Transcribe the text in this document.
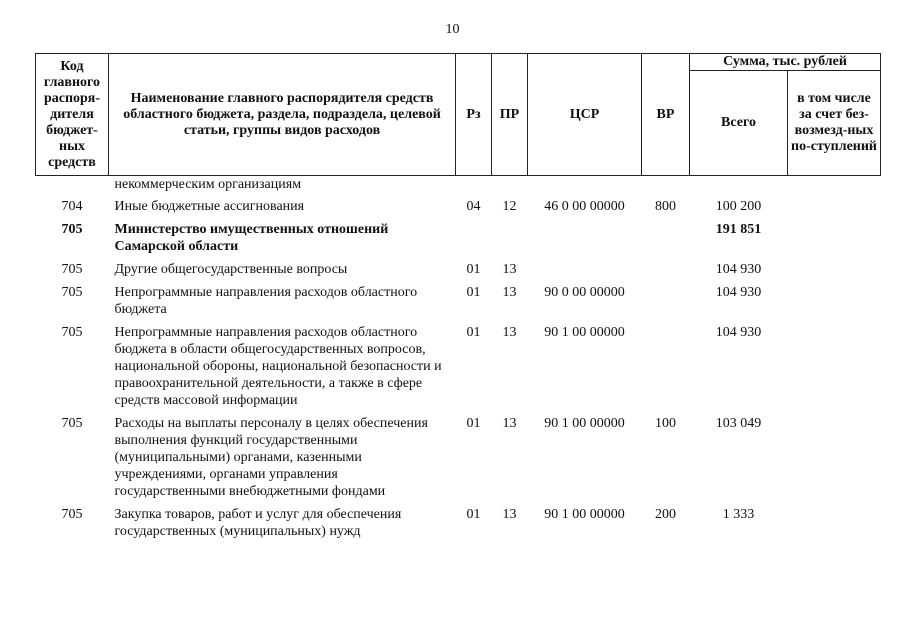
10
Код главного распоря-дителя бюджет-ных средств	Наименование главного распорядителя средств областного бюджета, раздела, подраздела, целевой статьи, группы видов расходов	Рз	ПР	ЦСР	ВР	Сумма, тыс. рублей	
						Всего	в том числе за счет без-возмезд-ных по-ступлений
	некоммерческим организациям						
704	Иные бюджетные ассигнования	04	12	46 0 00 00000	800	100 200	
705	Министерство имущественных отношений Самарской области					191 851	
705	Другие общегосударственные вопросы	01	13			104 930	
705	Непрограммные направления расходов областного бюджета	01	13	90 0 00 00000		104 930	
705	Непрограммные направления расходов областного бюджета в области общегосударственных вопросов, национальной обороны, национальной безопасности и правоохранительной деятельности, а также в сфере средств массовой информации	01	13	90 1 00 00000		104 930	
705	Расходы на выплаты персоналу в целях обеспечения выполнения функций государственными (муниципальными) органами, казенными учреждениями, органами управления государственными внебюджетными фондами	01	13	90 1 00 00000	100	103 049	
705	Закупка товаров, работ и услуг для обеспечения государственных (муниципальных) нужд	01	13	90 1 00 00000	200	1 333	
